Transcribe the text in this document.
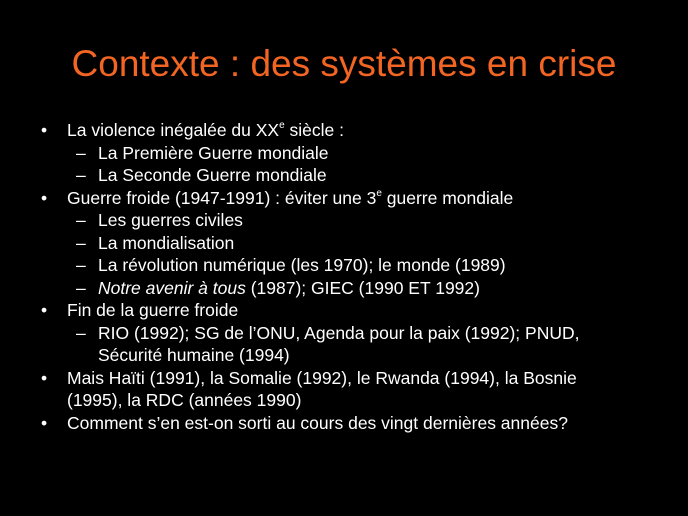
Contexte : des systèmes en crise
• La violence inégalée du XXe siècle :
– La Première Guerre mondiale
– La Seconde Guerre mondiale
• Guerre froide (1947-1991) : éviter une 3e guerre mondiale
– Les guerres civiles
– La mondialisation
– La révolution numérique (les 1970); le monde (1989)
– Notre avenir à tous (1987); GIEC (1990 ET 1992)
• Fin de la guerre froide
– RIO (1992); SG de l’ONU, Agenda pour la paix (1992); PNUD,
Sécurité humaine (1994)
• Mais Haïti (1991), la Somalie (1992), le Rwanda (1994), la Bosnie
(1995), la RDC (années 1990)
• Comment s’en est-on sorti au cours des vingt dernières années?
